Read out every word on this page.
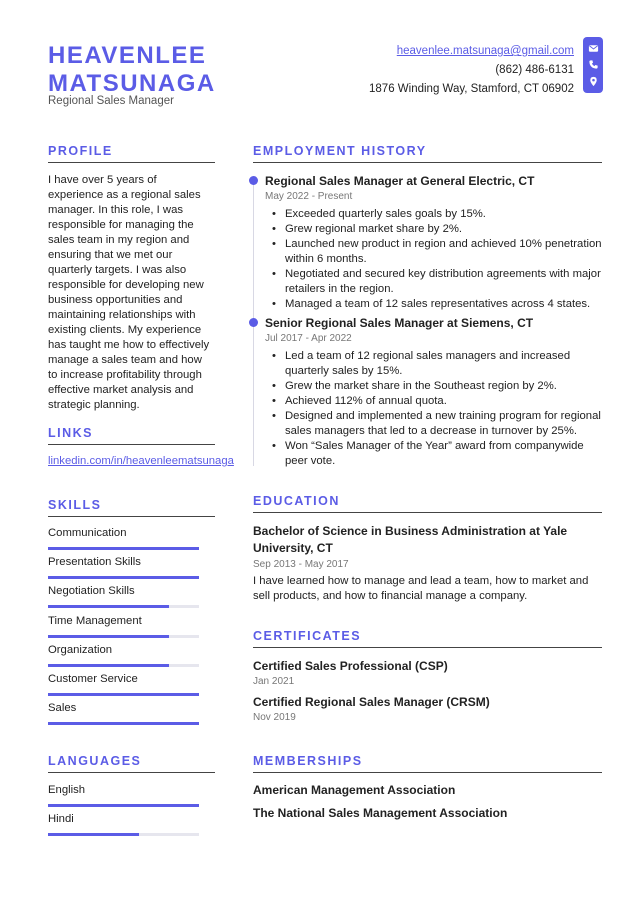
HEAVENLEE MATSUNAGA
Regional Sales Manager
heavenlee.matsunaga@gmail.com
(862) 486-6131
1876 Winding Way, Stamford, CT 06902
PROFILE
I have over 5 years of experience as a regional sales manager. In this role, I was responsible for managing the sales team in my region and ensuring that we met our quarterly targets. I was also responsible for developing new business opportunities and maintaining relationships with existing clients. My experience has taught me how to effectively manage a sales team and how to increase profitability through effective market analysis and strategic planning.
LINKS
linkedin.com/in/heavenleematsunaga
SKILLS
Communication
Presentation Skills
Negotiation Skills
Time Management
Organization
Customer Service
Sales
LANGUAGES
English
Hindi
EMPLOYMENT HISTORY
Regional Sales Manager at General Electric, CT
May 2022 - Present
• Exceeded quarterly sales goals by 15%.
• Grew regional market share by 2%.
• Launched new product in region and achieved 10% penetration within 6 months.
• Negotiated and secured key distribution agreements with major retailers in the region.
• Managed a team of 12 sales representatives across 4 states.
Senior Regional Sales Manager at Siemens, CT
Jul 2017 - Apr 2022
• Led a team of 12 regional sales managers and increased quarterly sales by 15%.
• Grew the market share in the Southeast region by 2%.
• Achieved 112% of annual quota.
• Designed and implemented a new training program for regional sales managers that led to a decrease in turnover by 25%.
• Won “Sales Manager of the Year” award from companywide peer vote.
EDUCATION
Bachelor of Science in Business Administration at Yale University, CT
Sep 2013 - May 2017
I have learned how to manage and lead a team, how to market and sell products, and how to financial manage a company.
CERTIFICATES
Certified Sales Professional (CSP)
Jan 2021
Certified Regional Sales Manager (CRSM)
Nov 2019
MEMBERSHIPS
American Management Association
The National Sales Management Association
